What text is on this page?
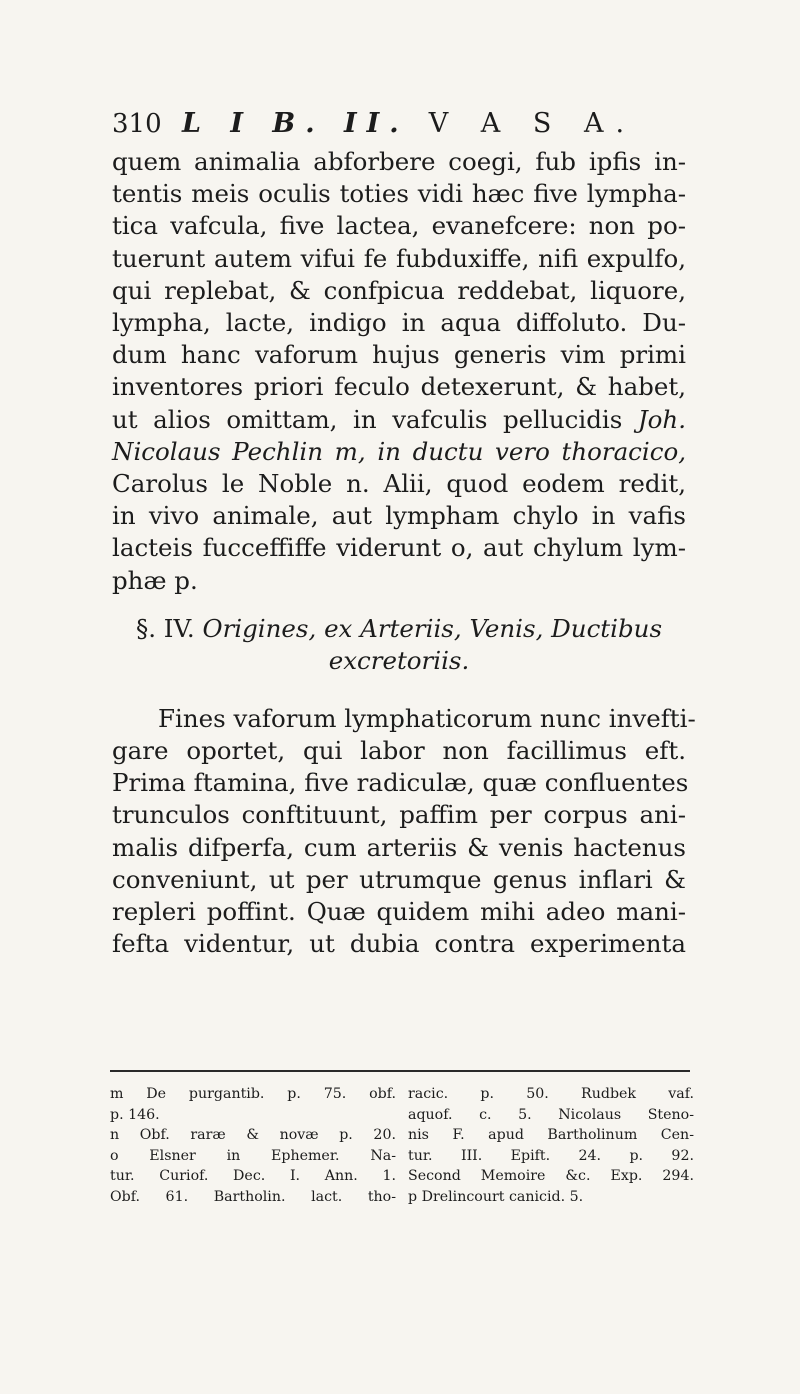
310 L I B. II. V A S A.

quem animalia abforbere coegi, fub ipfis in-
tentis meis oculis toties vidi hæc five lympha-
tica vafcula, five lactea, evanefcere: non po-
tuerunt autem vifui fe fubduxiffe, nifi expulfo,
qui replebat, & confpicua reddebat, liquore,
lympha, lacte, indigo in aqua diffoluto. Du-
dum hanc vaforum hujus generis vim primi
inventores priori feculo detexerunt, & habet,
ut alios omittam, in vafculis pellucidis Joh.
Nicolaus Pechlin m, in ductu vero thoracico,
Carolus le Noble n. Alii, quod eodem redit,
in vivo animale, aut lympham chylo in vafis
lacteis fucceffiffe viderunt o, aut chylum lym-
phæ p.

§. IV. Origines, ex Arteriis, Venis, Ductibus
excretoriis.

Fines vaforum lymphaticorum nunc invefti-
gare oportet, qui labor non facillimus eft.
Prima ftamina, five radiculæ, quæ confluentes
trunculos conftituunt, paffim per corpus ani-
malis difperfa, cum arteriis & venis hactenus
conveniunt, ut per utrumque genus inflari &
repleri poffint. Quæ quidem mihi adeo mani-
fefta videntur, ut dubia contra experimenta

m De purgantib. p. 75. obf.
p. 146.
n Obf. raræ & novæ p. 20.
o Elsner in Ephemer. Na-
tur. Curiof. Dec. I. Ann. 1.
Obf. 61. Bartholin. lact. tho-
racic. p. 50. Rudbek vaf.
aquof. c. 5. Nicolaus Steno-
nis F. apud Bartholinum Cen-
tur. III. Epift. 24. p. 92.
Second Memoire &c. Exp. 294.
p Drelincourt canicid. 5.
